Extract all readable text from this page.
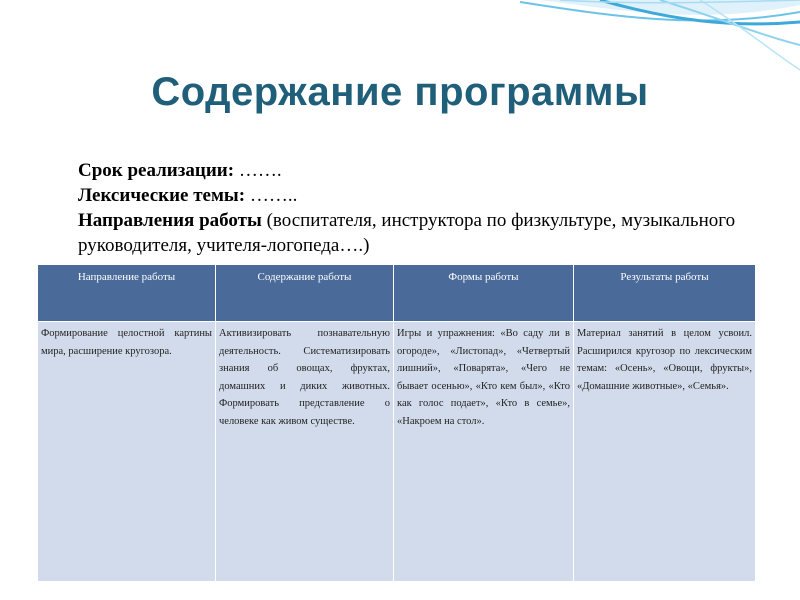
Содержание программы
Срок реализации: …….
Лексические темы: ……..
Направления работы (воспитателя, инструктора по физкультуре, музыкального руководителя, учителя-логопеда….)
Направление работы	Содержание работы	Формы работы	Результаты работы

Формирование целостной картины мира, расширение кругозора.	Активизировать познавательную деятельность. Систематизировать знания об овощах, фруктах, домашних и диких животных. Формировать представление о человеке как живом существе.	Игры и упражнения: «Во саду ли в огороде», «Листопад», «Четвертый лишний», «Поварята», «Чего не бывает осенью», «Кто кем был», «Кто как голос подает», «Кто в семье», «Накроем на стол».	Материал занятий в целом усвоил. Расширился кругозор по лексическим темам: «Осень», «Овощи, фрукты», «Домашние животные», «Семья».
